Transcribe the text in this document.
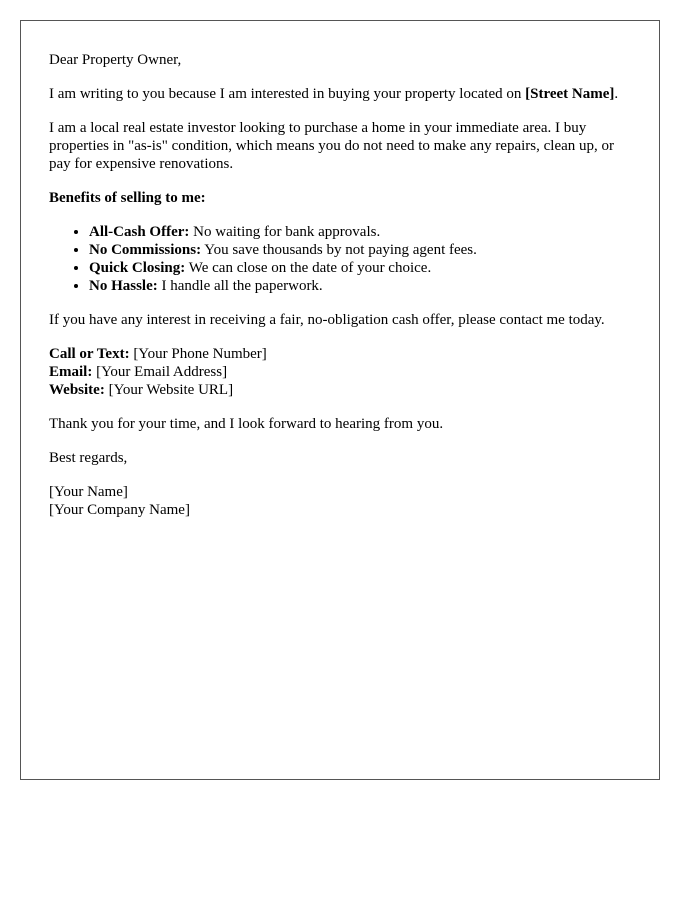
Dear Property Owner,

I am writing to you because I am interested in buying your property located on [Street Name].

I am a local real estate investor looking to purchase a home in your immediate area. I buy properties in "as-is" condition, which means you do not need to make any repairs, clean up, or pay for expensive renovations.

Benefits of selling to me:

• All-Cash Offer: No waiting for bank approvals.
• No Commissions: You save thousands by not paying agent fees.
• Quick Closing: We can close on the date of your choice.
• No Hassle: I handle all the paperwork.

If you have any interest in receiving a fair, no-obligation cash offer, please contact me today.

Call or Text: [Your Phone Number]
Email: [Your Email Address]
Website: [Your Website URL]

Thank you for your time, and I look forward to hearing from you.

Best regards,

[Your Name]
[Your Company Name]
